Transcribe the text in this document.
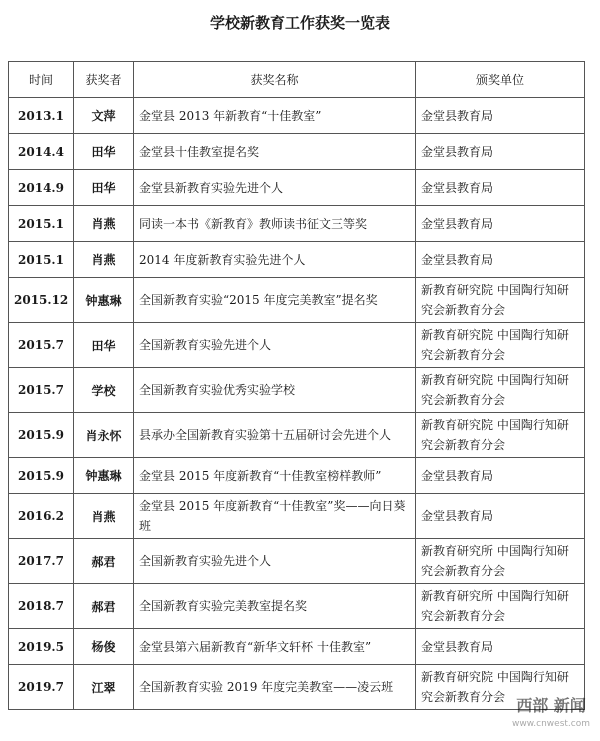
学校新教育工作获奖一览表
时间	获奖者	获奖名称	颁奖单位
2013.1	文萍	金堂县 2013 年新教育“十佳教室”	金堂县教育局
2014.4	田华	金堂县十佳教室提名奖	金堂县教育局
2014.9	田华	金堂县新教育实验先进个人	金堂县教育局
2015.1	肖燕	同读一本书《新教育》教师读书征文三等奖	金堂县教育局
2015.1	肖燕	2014 年度新教育实验先进个人	金堂县教育局
2015.12	钟惠琳	全国新教育实验“2015 年度完美教室”提名奖	新教育研究院 中国陶行知研究会新教育分会
2015.7	田华	全国新教育实验先进个人	新教育研究院 中国陶行知研究会新教育分会
2015.7	学校	全国新教育实验优秀实验学校	新教育研究院 中国陶行知研究会新教育分会
2015.9	肖永怀	县承办全国新教育实验第十五届研讨会先进个人	新教育研究院 中国陶行知研究会新教育分会
2015.9	钟惠琳	金堂县 2015 年度新教育“十佳教室榜样教师”	金堂县教育局
2016.2	肖燕	金堂县 2015 年度新教育“十佳教室”奖——向日葵班	金堂县教育局
2017.7	郝君	全国新教育实验先进个人	新教育研究所 中国陶行知研究会新教育分会
2018.7	郝君	全国新教育实验完美教室提名奖	新教育研究所 中国陶行知研究会新教育分会
2019.5	杨俊	金堂县第六届新教育“新华文轩杯 十佳教室”	金堂县教育局
2019.7	江翠	全国新教育实验 2019 年度完美教室——凌云班	新教育研究院 中国陶行知研究会新教育分会 西部 新闻
www.cnwest.com
